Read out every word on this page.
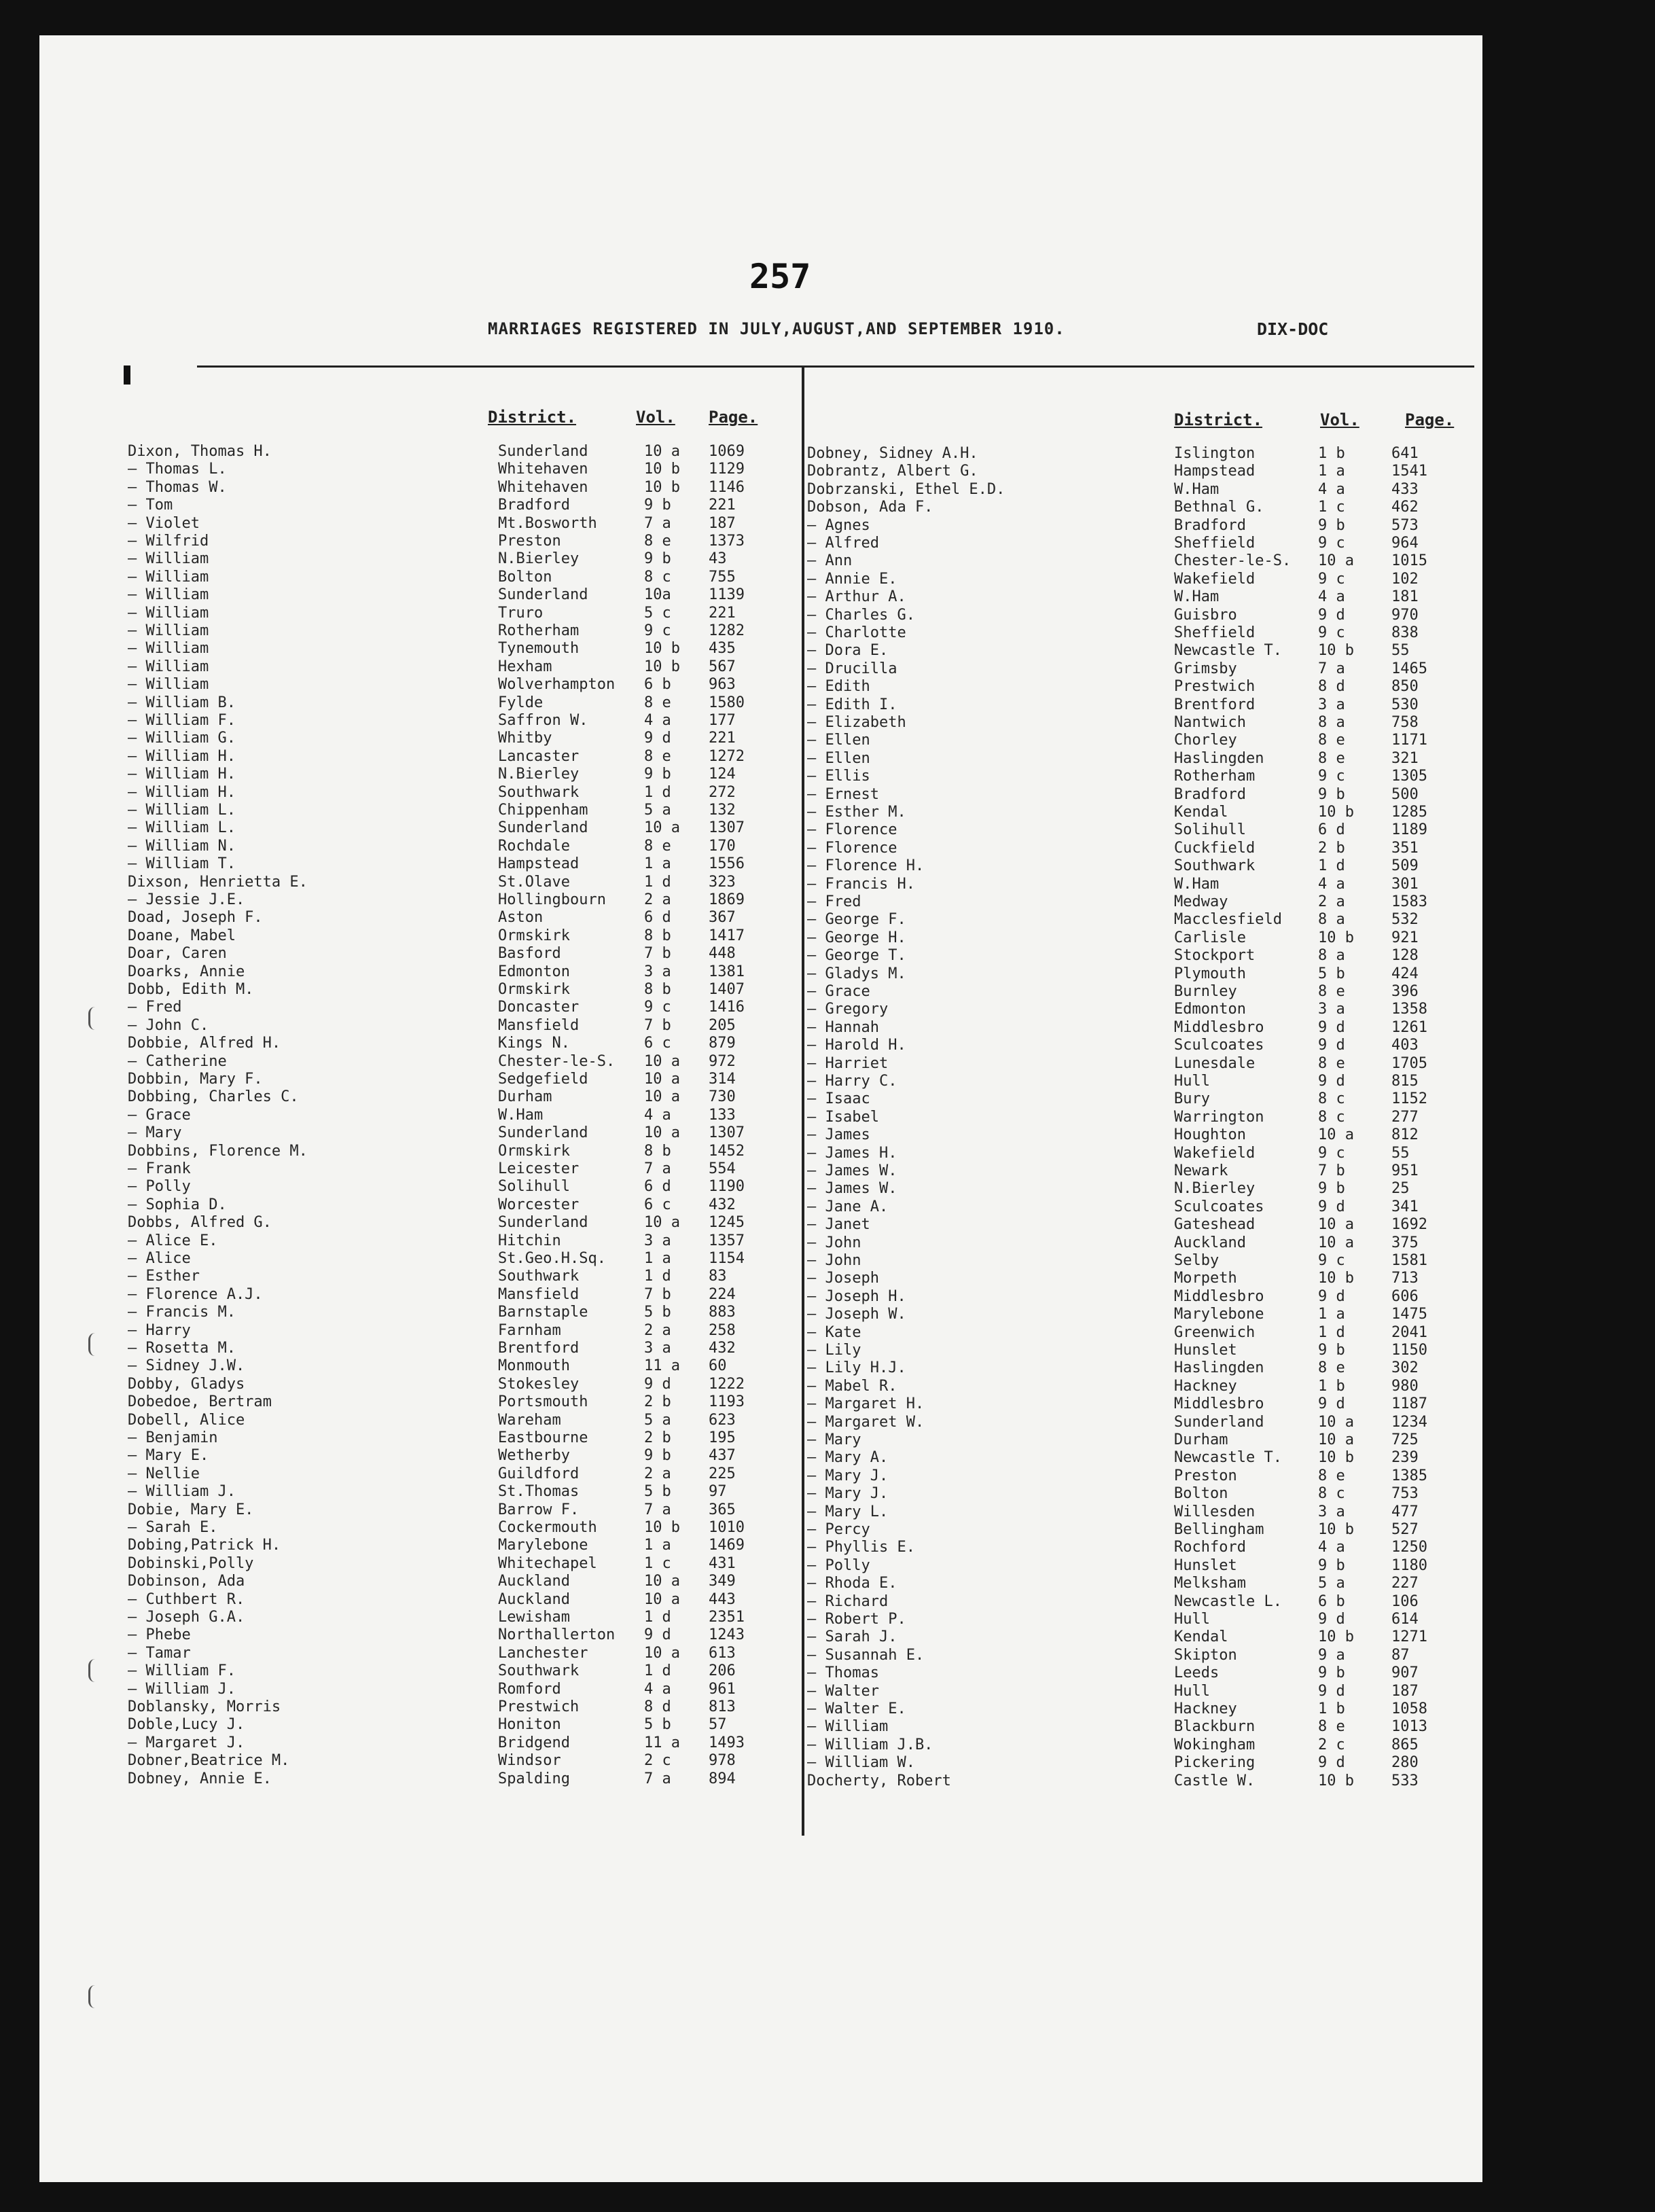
257
MARRIAGES REGISTERED IN JULY,AUGUST,AND SEPTEMBER 1910.	DIX-DOC
District.	Vol. Page.	District.	Vol.	Page.
Dixon, Thomas H.	Sunderland	10 a 1069
— Thomas L.	Whitehaven	10 b 1129
— Thomas W.	Whitehaven	10 b 1146
— Tom	Bradford	9 b	221
— Violet	Mt.Bosworth	7 a	187
— Wilfrid	Preston	8 e	1373
— William	N.Bierley	9 b	43
— William	Bolton	8 c	755
— William	Sunderland	10a	1139
— William	Truro	5 c	221
— William	Rotherham	9 c	1282
— William	Tynemouth	10 b 435
— William	Hexham	10 b 567
— William	Wolverhampton 6 b	963
— William B.	Fylde	8 e	1580
— William F.	Saffron W.	4 a	177
— William G.	Whitby	9 d	221
— William H.	Lancaster	8 e	1272
— William H.	N.Bierley	9 b	124
— William H.	Southwark	1 d	272
— William L.	Chippenham	5 a	132
— William L.	Sunderland	10 a 1307
— William N.	Rochdale	8 e	170
— William T.	Hampstead	1 a	1556
Dixson, Henrietta E.	St.Olave	1 d	323
— Jessie J.E.	Hollingbourn	2 a	1869
Doad, Joseph F.	Aston	6 d	367
Doane, Mabel	Ormskirk	8 b	1417
Doar, Caren	Basford	7 b	448
Doarks, Annie	Edmonton	3 a	1381
Dobb, Edith M.	Ormskirk	8 b	1407
— Fred	Doncaster	9 c	1416
— John C.	Mansfield	7 b	205
Dobbie, Alfred H.	Kings N.	6 c	879
— Catherine	Chester-le-S. 10 a 972
Dobbin, Mary F.	Sedgefield	10 a 314
Dobbing, Charles C.	Durham	10 a 730
— Grace	W.Ham	4 a	133
— Mary	Sunderland	10 a 1307
Dobbins, Florence M.	Ormskirk	8 b	1452
— Frank	Leicester	7 a	554
— Polly	Solihull	6 d	1190
— Sophia D.	Worcester	6 c	432
Dobbs, Alfred G.	Sunderland	10 a 1245
— Alice E.	Hitchin	3 a	1357
— Alice	St.Geo.H.Sq.	1 a	1154
— Esther	Southwark	1 d	83
— Florence A.J.	Mansfield	7 b	224
— Francis M.	Barnstaple	5 b	883
— Harry	Farnham	2 a	258
— Rosetta M.	Brentford	3 a	432
— Sidney J.W.	Monmouth	11 a 60
Dobby, Gladys	Stokesley	9 d	1222
Dobedoe, Bertram	Portsmouth	2 b	1193
Dobell, Alice	Wareham	5 a	623
— Benjamin	Eastbourne	2 b	195
— Mary E.	Wetherby	9 b	437
— Nellie	Guildford	2 a	225
— William J.	St.Thomas	5 b	97
Dobie, Mary E.	Barrow F.	7 a	365
— Sarah E.	Cockermouth	10 b 1010
Dobing,Patrick H.	Marylebone	1 a	1469
Dobinski,Polly	Whitechapel	1 c	431
Dobinson, Ada	Auckland	10 a 349
— Cuthbert R.	Auckland	10 a 443
— Joseph G.A.	Lewisham	1 d	2351
— Phebe	Northallerton 9 d	1243
— Tamar	Lanchester	10 a 613
— William F.	Southwark	1 d	206
— William J.	Romford	4 a	961
Doblansky, Morris	Prestwich	8 d	813
Doble,Lucy J.	Honiton	5 b	57
— Margaret J.	Bridgend	11 a 1493
Dobner,Beatrice M.	Windsor	2 c	978
Dobney, Annie E.	Spalding	7 a	894
Dobney, Sidney A.H.	Islington	1 b	641
Dobrantz, Albert G.	Hampstead	1 a	1541
Dobrzanski, Ethel E.D.	W.Ham	4 a	433
Dobson, Ada F.	Bethnal G.	1 c	462
— Agnes	Bradford	9 b	573
— Alfred	Sheffield	9 c	964
— Ann	Chester-le-S. 10 a	1015
— Annie E.	Wakefield	9 c	102
— Arthur A.	W.Ham	4 a	181
— Charles G.	Guisbro	9 d	970
— Charlotte	Sheffield	9 c	838
— Dora E.	Newcastle T. 10 b	55
— Drucilla	Grimsby	7 a	1465
— Edith	Prestwich	8 d	850
— Edith I.	Brentford	3 a	530
— Elizabeth	Nantwich	8 a	758
— Ellen	Chorley	8 e	1171
— Ellen	Haslingden	8 e	321
— Ellis	Rotherham	9 c	1305
— Ernest	Bradford	9 b	500
— Esther M.	Kendal	10 b	1285
— Florence	Solihull	6 d	1189
— Florence	Cuckfield	2 b	351
— Florence H.	Southwark	1 d	509
— Francis H.	W.Ham	4 a	301
— Fred	Medway	2 a	1583
— George F.	Macclesfield 8 a	532
— George H.	Carlisle	10 b	921
— George T.	Stockport	8 a	128
— Gladys M.	Plymouth	5 b	424
— Grace	Burnley	8 e	396
— Gregory	Edmonton	3 a	1358
— Hannah	Middlesbro	9 d	1261
— Harold H.	Sculcoates	9 d	403
— Harriet	Lunesdale	8 e	1705
— Harry C.	Hull	9 d	815
— Isaac	Bury	8 c	1152
— Isabel	Warrington	8 c	277
— James	Houghton	10 a	812
— James H.	Wakefield	9 c	55
— James W.	Newark	7 b	951
— James W.	N.Bierley	9 b	25
— Jane A.	Sculcoates	9 d	341
— Janet	Gateshead	10 a	1692
— John	Auckland	10 a	375
— John	Selby	9 c	1581
— Joseph	Morpeth	10 b	713
— Joseph H.	Middlesbro	9 d	606
— Joseph W.	Marylebone	1 a	1475
— Kate	Greenwich	1 d	2041
— Lily	Hunslet	9 b	1150
— Lily H.J.	Haslingden	8 e	302
— Mabel R.	Hackney	1 b	980
— Margaret H.	Middlesbro	9 d	1187
— Margaret W.	Sunderland	10 a	1234
— Mary	Durham	10 a	725
— Mary A.	Newcastle T. 10 b	239
— Mary J.	Preston	8 e	1385
— Mary J.	Bolton	8 c	753
— Mary L.	Willesden	3 a	477
— Percy	Bellingham	10 b	527
— Phyllis E.	Rochford	4 a	1250
— Polly	Hunslet	9 b	1180
— Rhoda E.	Melksham	5 a	227
— Richard	Newcastle L. 6 b	106
— Robert P.	Hull	9 d	614
— Sarah J.	Kendal	10 b	1271
— Susannah E.	Skipton	9 a	87
— Thomas	Leeds	9 b	907
— Walter	Hull	9 d	187
— Walter E.	Hackney	1 b	1058
— William	Blackburn	8 e	1013
— William J.B.	Wokingham	2 c	865
— William W.	Pickering	9 d	280
Docherty, Robert	Castle W.	10 b	533
